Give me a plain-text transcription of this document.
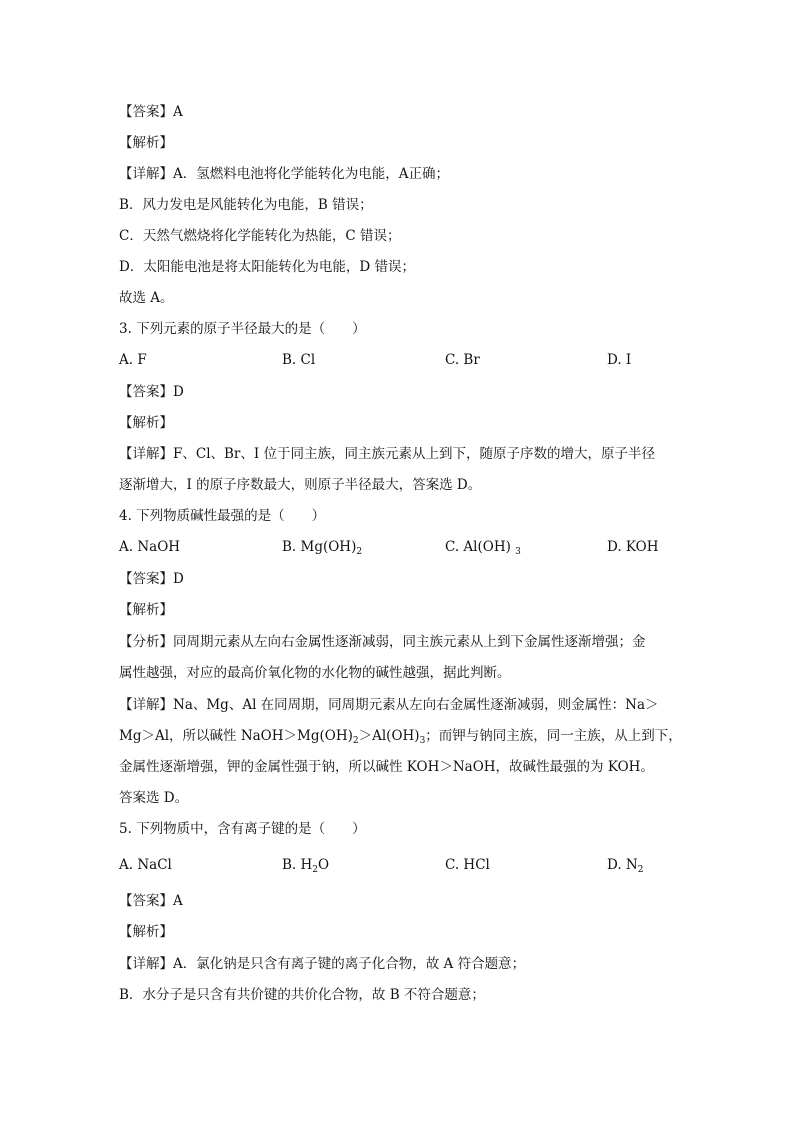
【答案】A
【解析】
【详解】A．氢燃料电池将化学能转化为电能，A正确；
B．风力发电是风能转化为电能，B 错误；
C．天然气燃烧将化学能转化为热能，C 错误；
D．太阳能电池是将太阳能转化为电能，D 错误；
故选 A。
3. 下列元素的原子半径最大的是（　　）
A. F	B. Cl	C. Br	D. I
【答案】D
【解析】
【详解】F、Cl、Br、I 位于同主族，同主族元素从上到下，随原子序数的增大，原子半径
逐渐增大，I 的原子序数最大，则原子半径最大，答案选 D。
4. 下列物质碱性最强的是（　　）
A. NaOH	B. $Mg(OH)_2$	C. Al(OH) $_3$	D. KOH
【答案】D
【解析】
【分析】同周期元素从左向右金属性逐渐减弱，同主族元素从上到下金属性逐渐增强；金
属性越强，对应的最高价氧化物的水化物的碱性越强，据此判断。
【详解】Na、Mg、Al 在同周期，同周期元素从左向右金属性逐渐减弱，则金属性：Na＞
Mg＞Al，所以碱性 $NaOH>Mg(OH)_2>Al(OH)_3$；而钾与钠同主族，同一主族，从上到下，
金属性逐渐增强，钾的金属性强于钠，所以碱性 KOH＞NaOH，故碱性最强的为 KOH。
答案选 D。
5. 下列物质中，含有离子键的是（　　）
A. NaCl	B. $H_2O$	C. HCl	D. $N_2$
【答案】A
【解析】
【详解】A．氯化钠是只含有离子键的离子化合物，故 A 符合题意；
B．水分子是只含有共价键的共价化合物，故 B 不符合题意；
